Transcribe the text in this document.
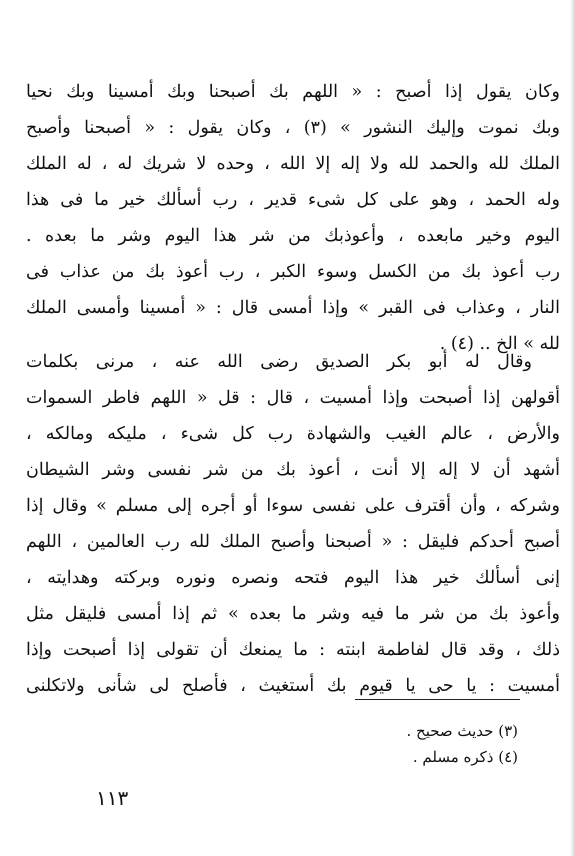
وكان يقول إذا أصبح : « اللهم بك أصبحنا وبك أمسينا وبك نحيا
وبك نموت وإليك النشور » (٣) ، وكان يقول : « أصبحنا وأصبح
الملك لله والحمد لله ولا إله إلا الله ، وحده لا شريك له ، له الملك
وله الحمد ، وهو على كل شىء قدير ، رب أسألك خير ما فى هذا
اليوم وخير مابعده ، وأعوذبك من شر هذا اليوم وشر ما بعده .
رب أعوذ بك من الكسل وسوء الكبر ، رب أعوذ بك من عذاب فى
النار ، وعذاب فى القبر » وإذا أمسى قال : « أمسينا وأمسى الملك
لله » الخ .. (٤) .
وقال له أبو بكر الصديق رضى الله عنه ، مرنى بكلمات
أقولهن إذا أصبحت وإذا أمسيت ، قال : قل « اللهم فاطر السموات
والأرض ، عالم الغيب والشهادة رب كل شىء ، مليكه ومالكه ،
أشهد أن لا إله إلا أنت ، أعوذ بك من شر نفسى وشر الشيطان
وشركه ، وأن أقترف على نفسى سوءا أو أجره إلى مسلم » وقال إذا
أصبح أحدكم فليقل : « أصبحنا وأصبح الملك لله رب العالمين ، اللهم
إنى أسألك خير هذا اليوم فتحه ونصره ونوره وبركته وهدايته ،
وأعوذ بك من شر ما فيه وشر ما بعده » ثم إذا أمسى فليقل مثل
ذلك ، وقد قال لفاطمة ابنته : ما يمنعك أن تقولى إذا أصبحت وإذا
أمسيت : يا حى يا قيوم بك أستغيث ، فأصلح لى شأنى ولاتكلنى
(٣) حديث صحيح .
(٤) ذكره مسلم .
١١٣
